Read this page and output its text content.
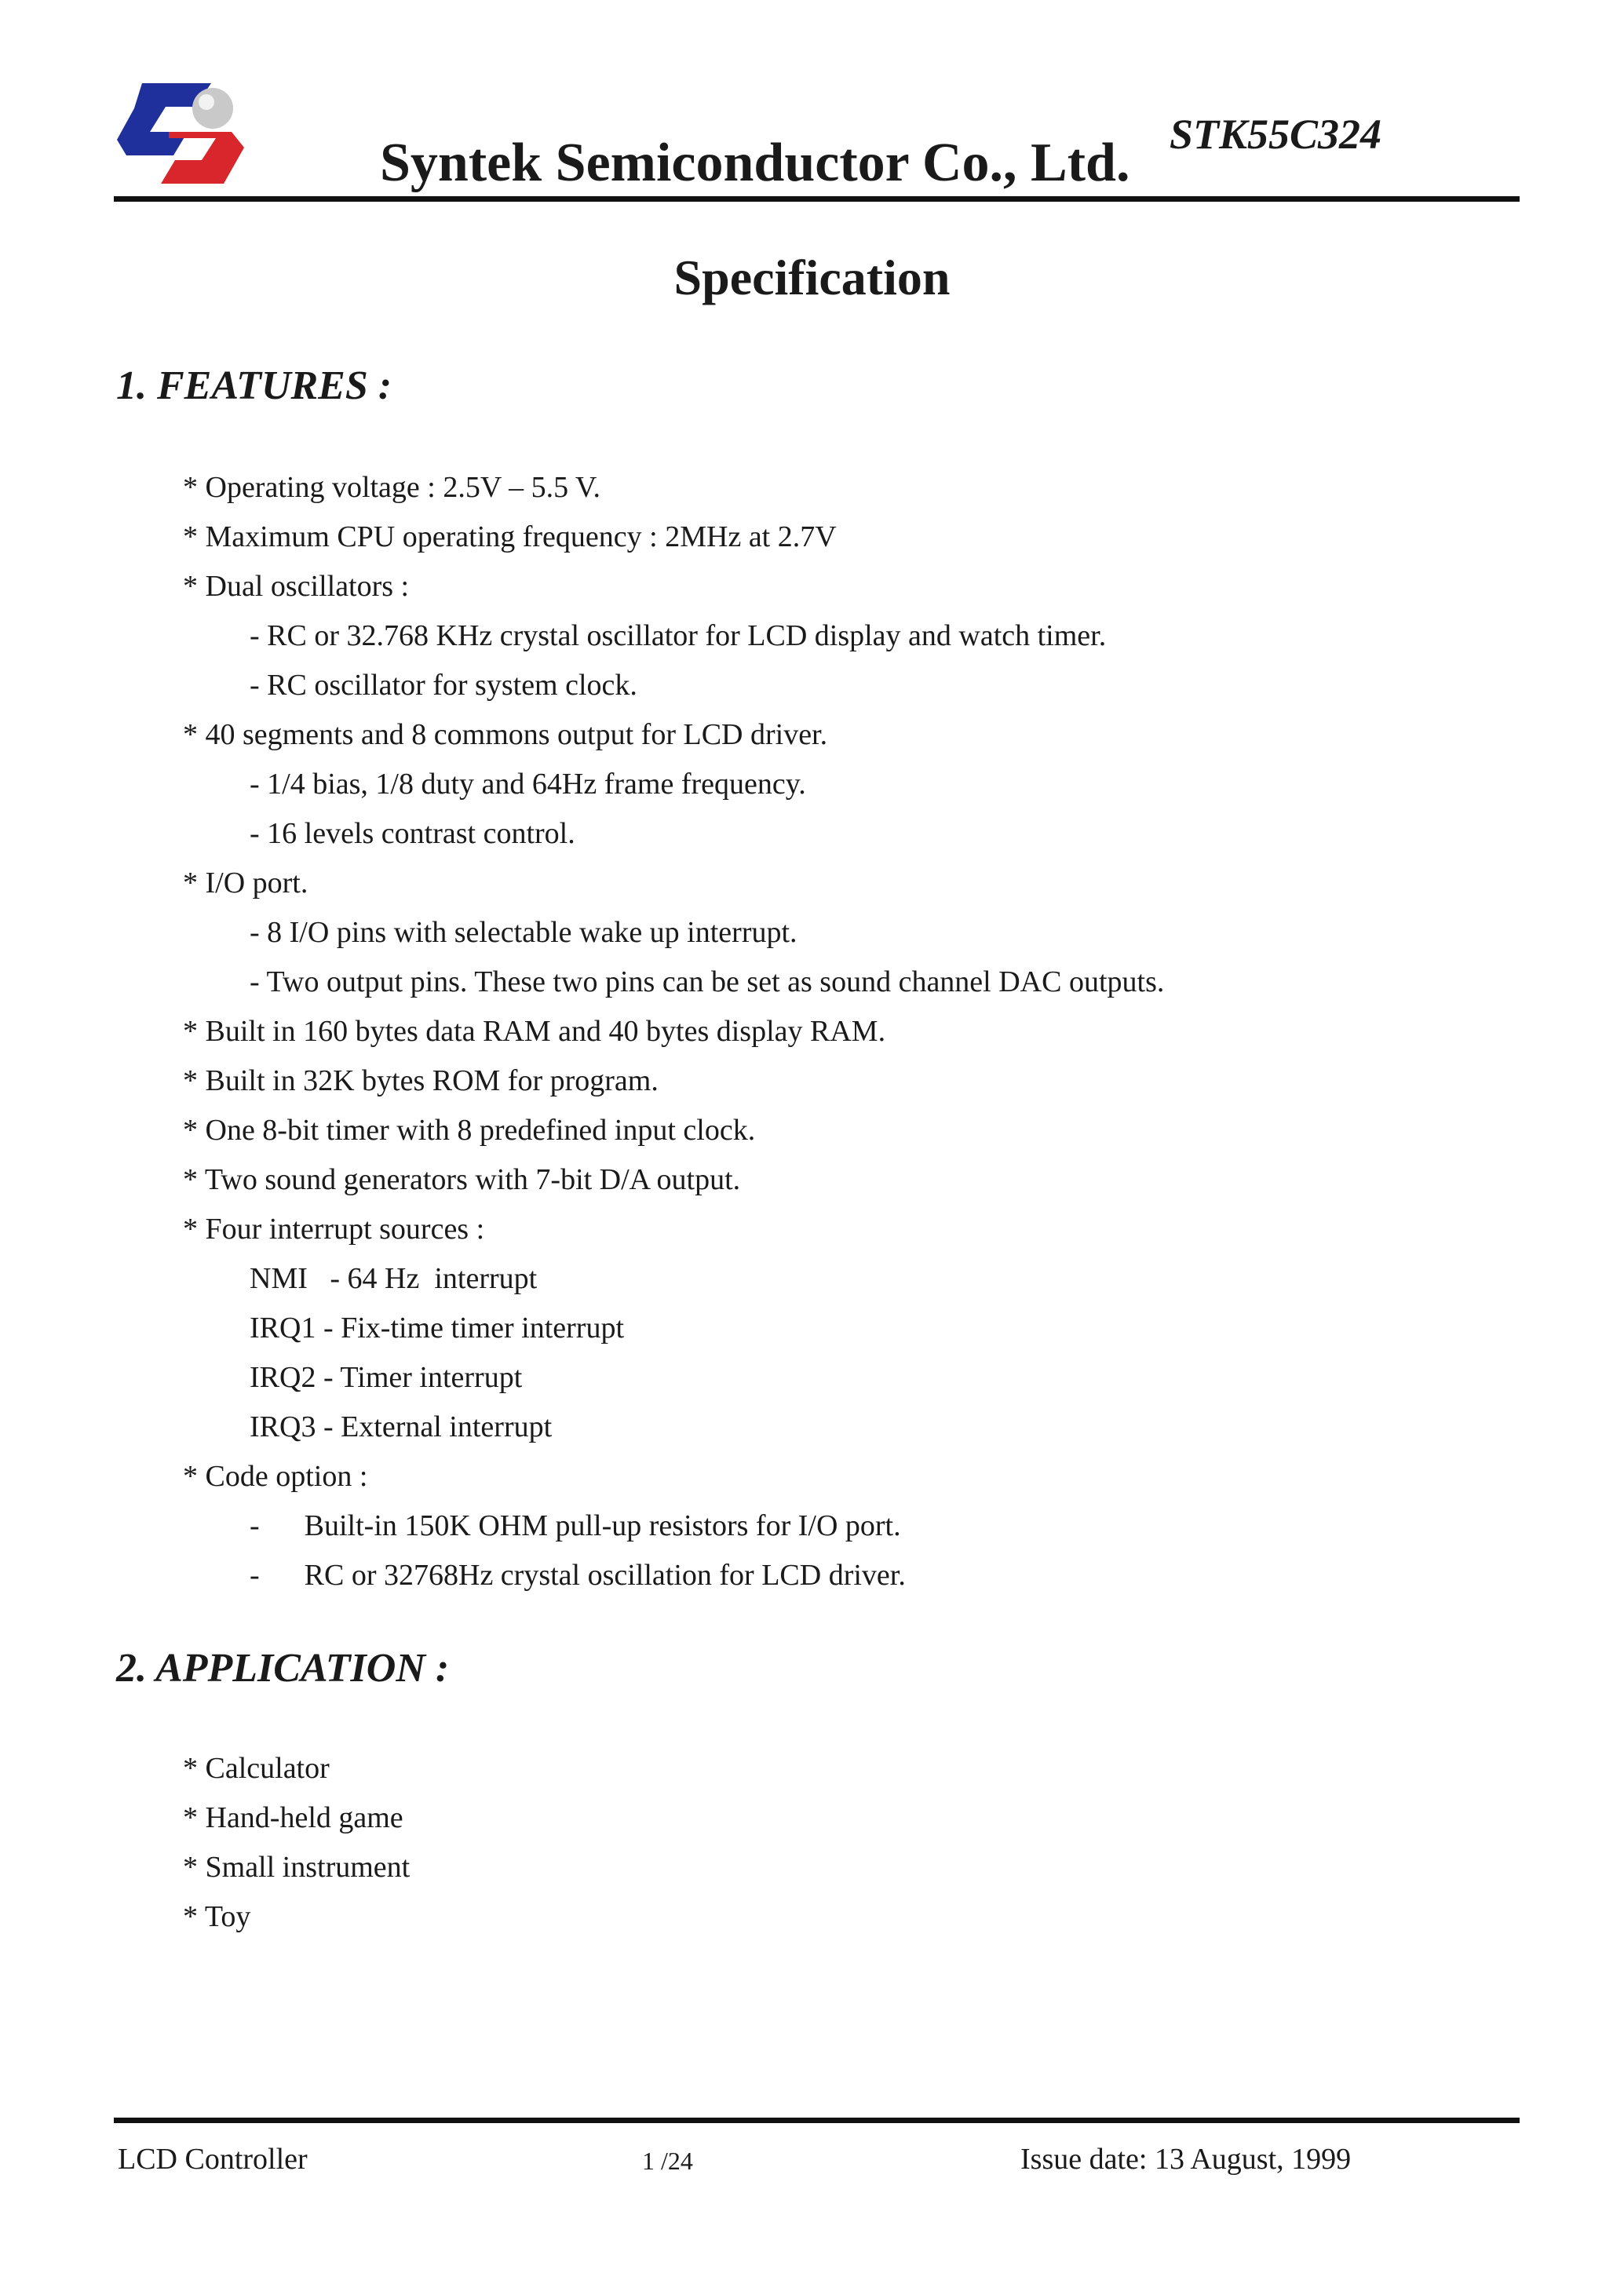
Syntek Semiconductor Co., Ltd. STK55C324
Specification
1. FEATURES :
* Operating voltage : 2.5V – 5.5 V.
* Maximum CPU operating frequency : 2MHz at 2.7V
* Dual oscillators :
- RC or 32.768 KHz crystal oscillator for LCD display and watch timer.
- RC oscillator for system clock.
* 40 segments and 8 commons output for LCD driver.
- 1/4 bias, 1/8 duty and 64Hz frame frequency.
- 16 levels contrast control.
* I/O port.
- 8 I/O pins with selectable wake up interrupt.
- Two output pins. These two pins can be set as sound channel DAC outputs.
* Built in 160 bytes data RAM and 40 bytes display RAM.
* Built in 32K bytes ROM for program.
* One 8-bit timer with 8 predefined input clock.
* Two sound generators with 7-bit D/A output.
* Four interrupt sources :
NMI   - 64 Hz  interrupt
IRQ1 - Fix-time timer interrupt
IRQ2 - Timer interrupt
IRQ3 - External interrupt
* Code option :
-      Built-in 150K OHM pull-up resistors for I/O port.
-      RC or 32768Hz crystal oscillation for LCD driver.
2. APPLICATION :
* Calculator
* Hand-held game
* Small instrument
* Toy
LCD Controller	1 /24	Issue date: 13 August, 1999
